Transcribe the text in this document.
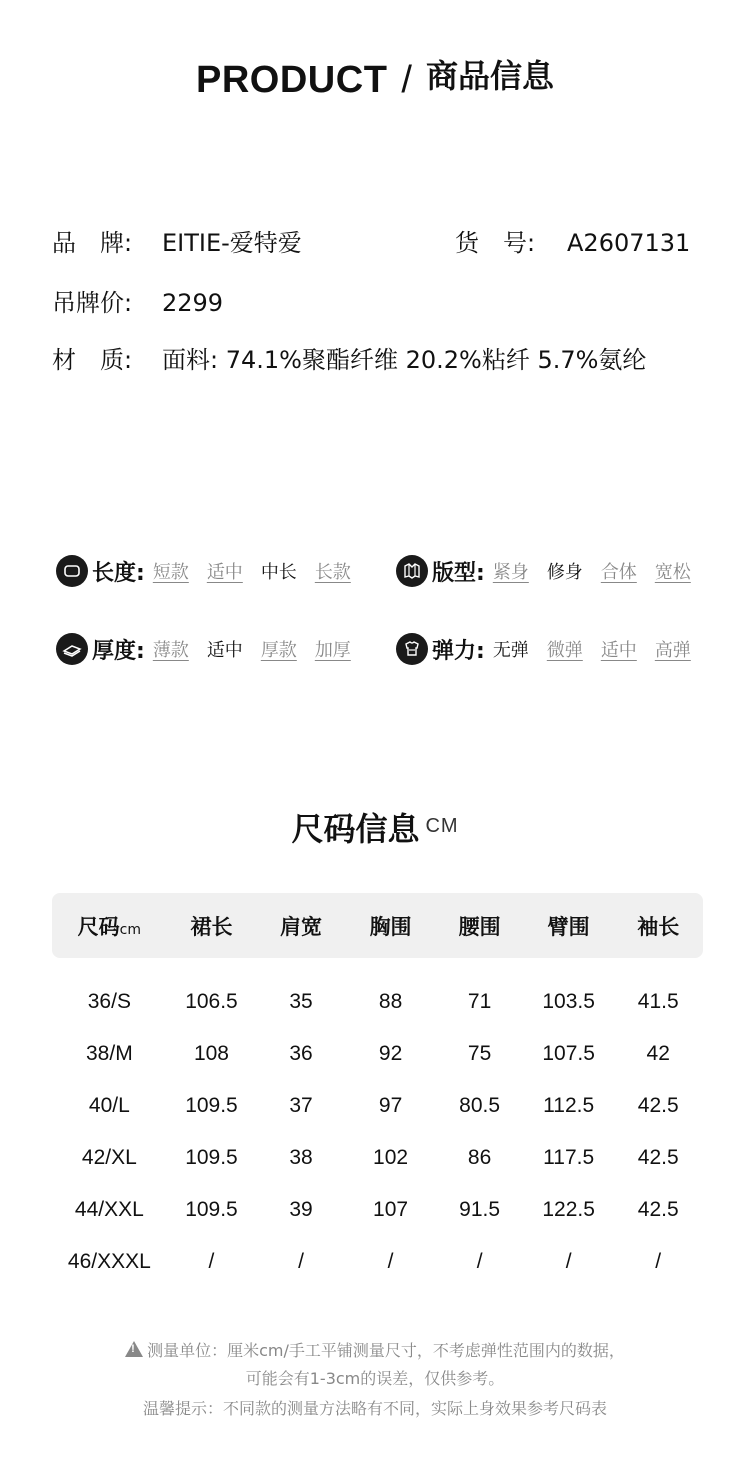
PRODUCT / 商品信息
品　牌: EITIE-爱特爱	货　号: A2607131
吊牌价: 2299
材　质: 面料: 74.1%聚酯纤维 20.2%粘纤 5.7%氨纶
长度: 短款 适中 中长 长款	版型: 紧身 修身 合体 宽松
厚度: 薄款 适中 厚款 加厚	弹力: 无弹 微弹 适中 高弹
尺码信息 CM
尺码cm	裙长	肩宽	胸围	腰围	臂围	袖长
36/S	106.5	35	88	71	103.5	41.5
38/M	108	36	92	75	107.5	42
40/L	109.5	37	97	80.5	112.5	42.5
42/XL	109.5	38	102	86	117.5	42.5
44/XXL	109.5	39	107	91.5	122.5	42.5
46/XXXL	/	/	/	/	/	/
!测量单位：厘米cm/手工平铺测量尺寸，不考虑弹性范围内的数据，
可能会有1-3cm的误差，仅供参考。
温馨提示：不同款的测量方法略有不同，实际上身效果参考尺码表
